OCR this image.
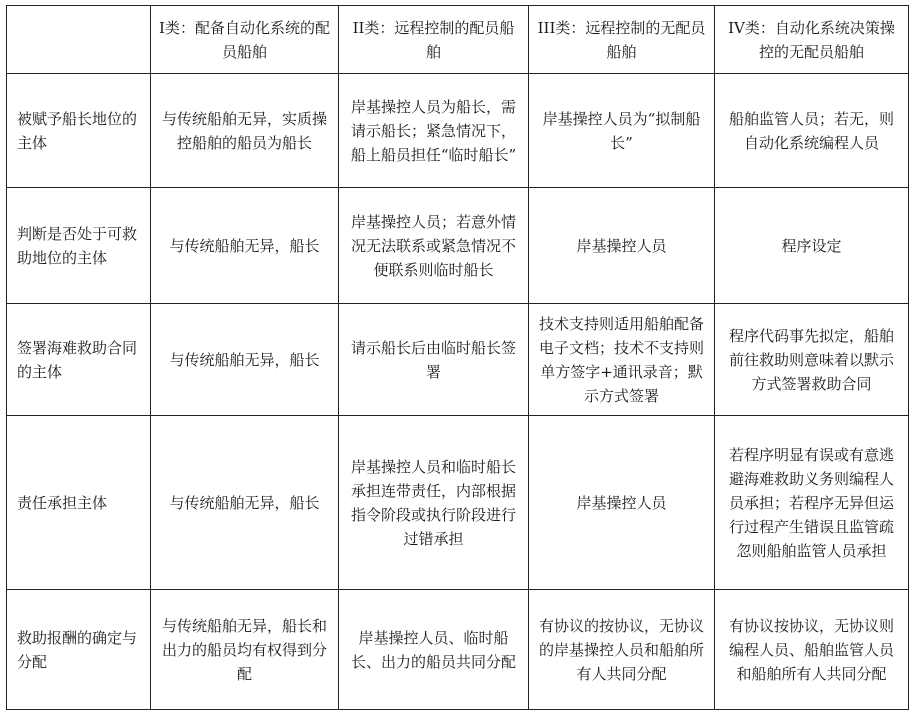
	I类：配备自动化系统的配员船舶	II类：远程控制的配员船舶	III类：远程控制的无配员船舶	IV类：自动化系统决策操控的无配员船舶
被赋予船长地位的主体	与传统船舶无异，实质操控船舶的船员为船长	岸基操控人员为船长，需请示船长；紧急情况下，船上船员担任“临时船长”	岸基操控人员为“拟制船长”	船舶监管人员；若无，则自动化系统编程人员
判断是否处于可救助地位的主体	与传统船舶无异，船长	岸基操控人员；若意外情况无法联系或紧急情况不便联系则临时船长	岸基操控人员	程序设定
签署海难救助合同的主体	与传统船舶无异，船长	请示船长后由临时船长签署	技术支持则适用船舶配备电子文档；技术不支持则单方签字+通讯录音；默示方式签署	程序代码事先拟定，船舶前往救助则意味着以默示方式签署救助合同
责任承担主体	与传统船舶无异，船长	岸基操控人员和临时船长承担连带责任，内部根据指令阶段或执行阶段进行过错承担	岸基操控人员	若程序明显有误或有意逃避海难救助义务则编程人员承担；若程序无异但运行过程产生错误且监管疏忽则船舶监管人员承担
救助报酬的确定与分配	与传统船舶无异，船长和出力的船员均有权得到分配	岸基操控人员、临时船长、出力的船员共同分配	有协议的按协议，无协议的岸基操控人员和船舶所有人共同分配	有协议按协议，无协议则编程人员、船舶监管人员和船舶所有人共同分配
